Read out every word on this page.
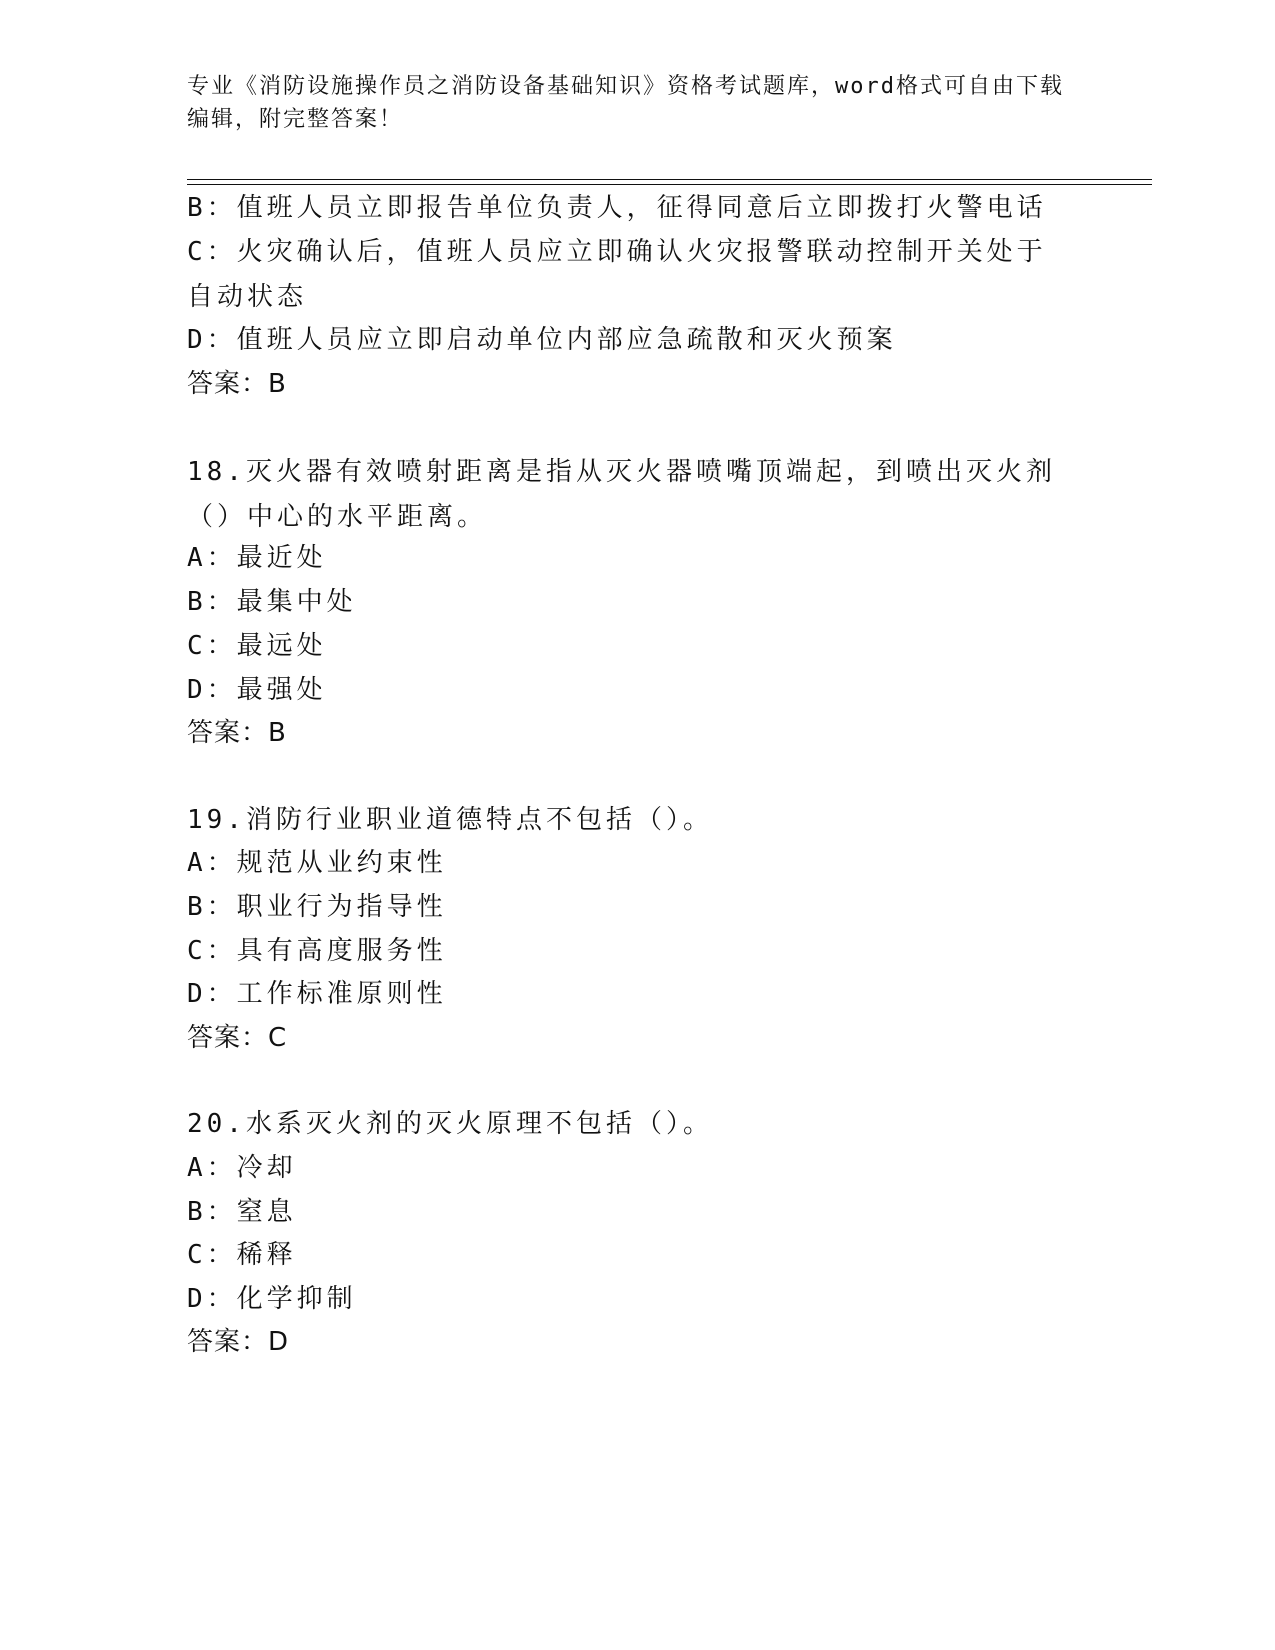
专业《消防设施操作员之消防设备基础知识》资格考试题库，word格式可自由下载编辑，附完整答案！
B：值班人员立即报告单位负责人，征得同意后立即拨打火警电话
C：火灾确认后，值班人员应立即确认火灾报警联动控制开关处于自动状态
D：值班人员应立即启动单位内部应急疏散和灭火预案
答案：B
18.灭火器有效喷射距离是指从灭火器喷嘴顶端起，到喷出灭火剂（）中心的水平距离。
A：最近处
B：最集中处
C：最远处
D：最强处
答案：B
19.消防行业职业道德特点不包括（）。
A：规范从业约束性
B：职业行为指导性
C：具有高度服务性
D：工作标准原则性
答案：C
20.水系灭火剂的灭火原理不包括（）。
A：冷却
B：窒息
C：稀释
D：化学抑制
答案：D
